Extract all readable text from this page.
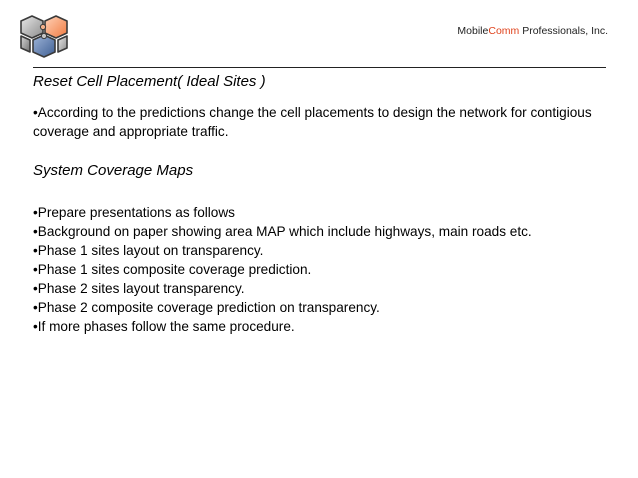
MobileComm Professionals, Inc.
Reset Cell Placement( Ideal Sites )
•According to the predictions change the cell placements to design the network for contigious
coverage and appropriate traffic.
System Coverage Maps
•Prepare presentations as follows
•Background on paper showing area MAP which include highways, main roads etc.
•Phase 1 sites layout on transparency.
•Phase 1 sites composite coverage prediction.
•Phase 2 sites layout transparency.
•Phase 2 composite coverage prediction on transparency.
•If more phases follow the same procedure.
